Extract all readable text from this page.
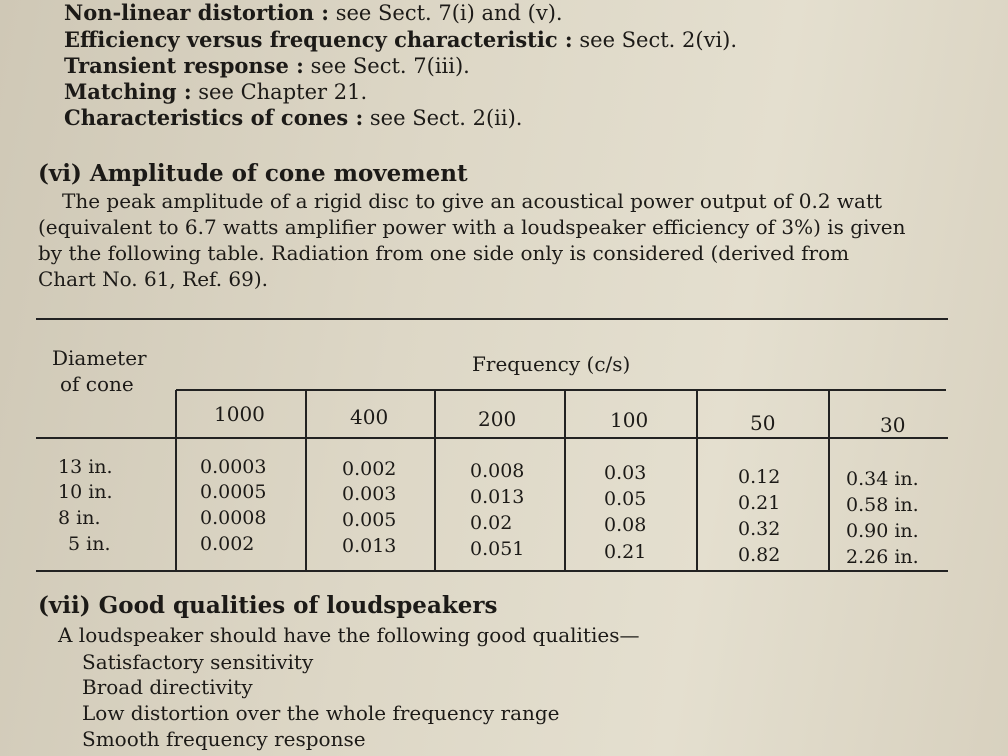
Non-linear distortion : see Sect. 7(i) and (v).
Efficiency versus frequency characteristic : see Sect. 2(vi).
Transient response : see Sect. 7(iii).
Matching : see Chapter 21.
Characteristics of cones : see Sect. 2(ii).
(vi) Amplitude of cone movement
The peak amplitude of a rigid disc to give an acoustical power output of 0.2 watt
(equivalent to 6.7 watts amplifier power with a loudspeaker efficiency of 3%) is given
by the following table. Radiation from one side only is considered (derived from
Chart No. 61, Ref. 69).
Diameter
of cone
Frequency (c/s)
1000	400	200	100	50	30
13 in.	0.0003	0.002	0.008	0.03	0.12	0.34 in.
10 in.	0.0005	0.003	0.013	0.05	0.21	0.58 in.
8 in.	0.0008	0.005	0.02	0.08	0.32	0.90 in.
5 in.	0.002	0.013	0.051	0.21	0.82	2.26 in.
(vii) Good qualities of loudspeakers
A loudspeaker should have the following good qualities—
Satisfactory sensitivity
Broad directivity
Low distortion over the whole frequency range
Smooth frequency response
